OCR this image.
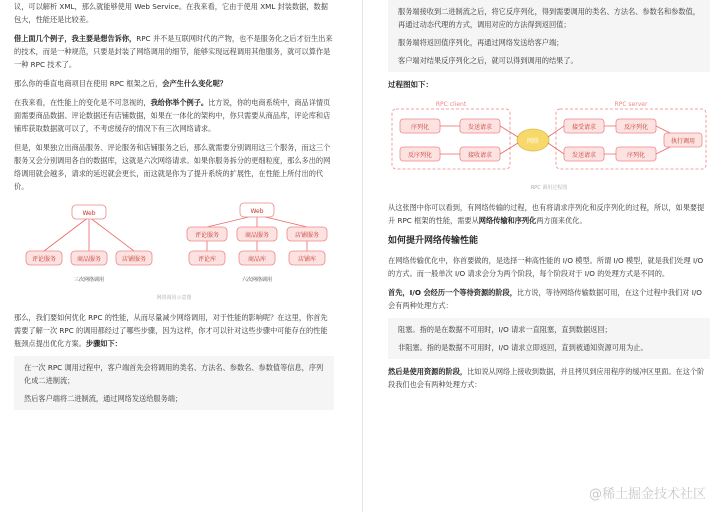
议，可以解析 XML，那么就能够使用 Web Service。在我来看，它由于使用 XML 封装数据，数据包大，性能还是比较差。

借上面几个例子，我主要是想告诉你，RPC 并不是互联网时代的产物，也不是服务化之后才衍生出来的技术，而是一种规范，只要是封装了网络调用的细节，能够实现远程调用其他服务，就可以算作是一种 RPC 技术了。

那么你的垂直电商项目在使用 RPC 框架之后，会产生什么变化呢？

在我来看，在性能上的变化是不可忽视的，我给你举个例子。比方说，你的电商系统中，商品详情页面需要商品数据、评论数据还有店铺数据，如果在一体化的架构中，你只需要从商品库，评论库和店铺库获取数据就可以了，不考虑缓存的情况下有三次网络请求。

但是，如果独立出商品服务、评论服务和店铺服务之后，那么就需要分别调用这三个服务，而这三个服务又会分别调用各自的数据库，这就是六次网络请求。如果你服务拆分的更细粒度，那么多出的网络调用就会越多，请求的延迟就会更长，而这就是你为了提升系统的扩展性，在性能上所付出的代价。

Web
评论服务	商品服务	店铺服务
三次网络调用
Web
评论服务	商品服务	店铺服务
评论库	商品库	店铺库
六次网络调用
网络调用示意图

那么，我们要如何优化 RPC 的性能，从而尽量减少网络调用，对于性能的影响呢？在这里，你首先需要了解一次 RPC 的调用都经过了哪些步骤，因为这样，你才可以针对这些步骤中可能存在的性能瓶颈点提出优化方案。步骤如下：

在一次 RPC 调用过程中，客户端首先会将调用的类名、方法名、参数名、参数值等信息，序列化成二进制流；

然后客户端将二进制流，通过网络发送给服务端；

服务端接收到二进制流之后，将它反序列化，得到需要调用的类名、方法名、参数名和参数值，再通过动态代理的方式，调用对应的方法得到返回值；

服务端将返回值序列化，再通过网络发送给客户端；

客户端对结果反序列化之后，就可以得到调用的结果了。

过程图如下：
RPC client	RPC server
序列化	发送请求
反序列化	接收请求
网络
接受请求	反序列化
发送请求	序列化
执行调用
RPC 调用过程图

从这张图中你可以看到，有网络传输的过程，也有将请求序列化和反序列化的过程，所以，如果要提升 RPC 框架的性能，需要从网络传输和序列化两方面来优化。

如何提升网络传输性能

在网络传输优化中，你首要做的，是选择一种高性能的 I/O 模型。所谓 I/O 模型，就是我们处理 I/O 的方式。而一般单次 I/O 请求会分为两个阶段，每个阶段对于 I/O 的处理方式是不同的。

首先，I/O 会经历一个等待资源的阶段，比方说，等待网络传输数据可用，在这个过程中我们对 I/O 会有两种处理方式：

阻塞。指的是在数据不可用时，I/O 请求一直阻塞，直到数据返回；

非阻塞。指的是数据不可用时，I/O 请求立即返回，直到被通知资源可用为止。

然后是使用资源的阶段，比如说从网络上接收到数据，并且拷贝到应用程序的缓冲区里面。在这个阶段我们也会有两种处理方式：

@稀土掘金技术社区
